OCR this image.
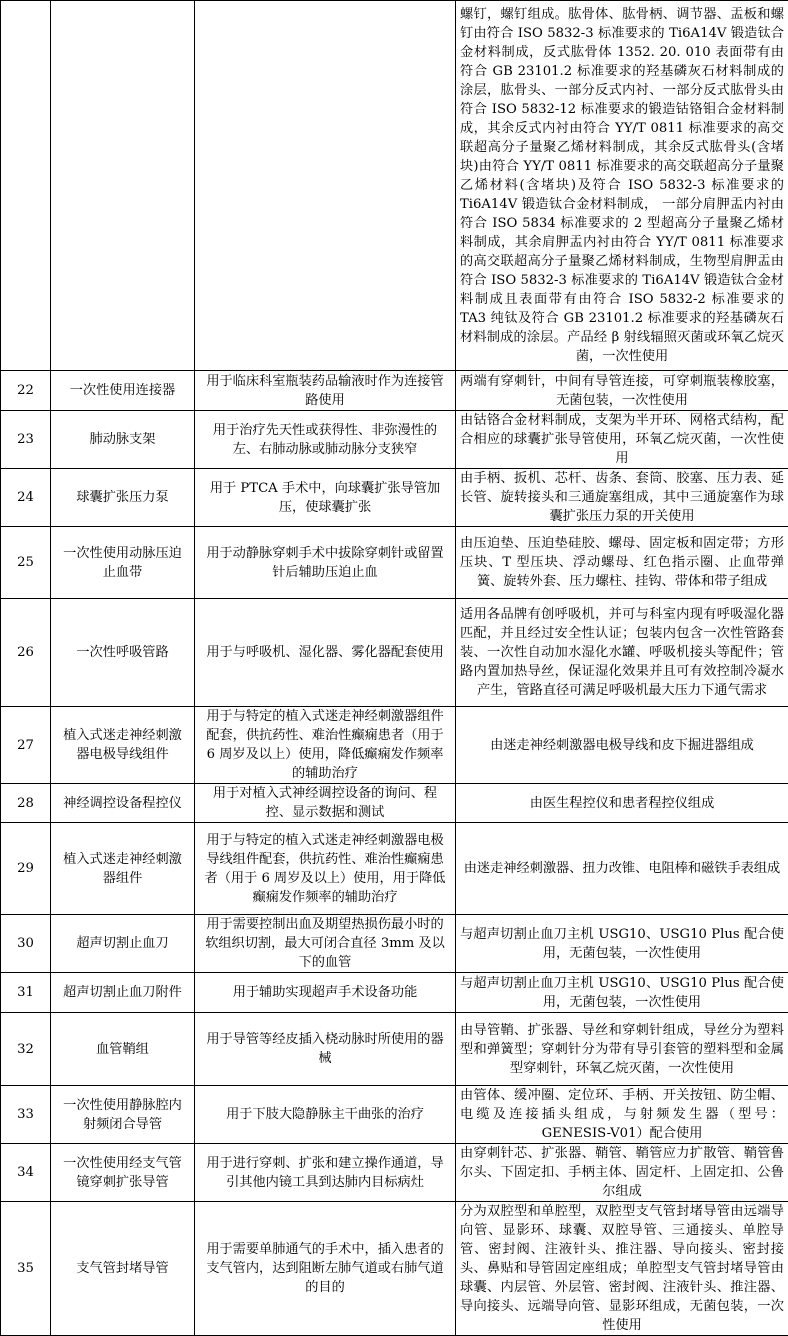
			螺钉，螺钉组成。肱骨体、肱骨柄、调节器、盂板和螺钉由符合 ISO 5832-3 标准要求的 Ti6A14V 锻造钛合金材料制成，反式肱骨体 1352. 20. 010 表面带有由符合 GB 23101.2 标准要求的羟基磷灰石材料制成的涂层，肱骨头、一部分反式内衬、一部分反式肱骨头由符合 ISO 5832-12 标准要求的锻造钴铬钼合金材料制成，其余反式内衬由符合 YY/T 0811 标准要求的高交联超高分子量聚乙烯材料制成，其余反式肱骨头(含堵块)由符合 YY/T 0811 标准要求的高交联超高分子量聚乙烯材料(含堵块)及符合 ISO 5832-3 标准要求的 Ti6A14V 锻造钛合金材料制成， 一部分肩胛盂内衬由符合 ISO 5834 标准要求的 2 型超高分子量聚乙烯材料制成，其余肩胛盂内衬由符合 YY/T 0811 标准要求的高交联超高分子量聚乙烯材料制成，生物型肩胛盂由符合 ISO 5832-3 标准要求的 Ti6A14V 锻造钛合金材料制成且表面带有由符合 ISO 5832-2 标准要求的 TA3 纯钛及符合 GB 23101.2 标准要求的羟基磷灰石材料制成的涂层。产品经 β 射线辐照灭菌或环氧乙烷灭菌，一次性使用
22	一次性使用连接器	用于临床科室瓶装药品输液时作为连接管路使用	两端有穿刺针，中间有导管连接，可穿刺瓶装橡胶塞，无菌包装，一次性使用
23	肺动脉支架	用于治疗先天性或获得性、非弥漫性的左、右肺动脉或肺动脉分支狭窄	由钴铬合金材料制成，支架为半开环、网格式结构，配合相应的球囊扩张导管使用，环氧乙烷灭菌，一次性使用
24	球囊扩张压力泵	用于 PTCA 手术中，向球囊扩张导管加压，使球囊扩张	由手柄、扳机、芯杆、齿条、套筒、胶塞、压力表、延长管、旋转接头和三通旋塞组成，其中三通旋塞作为球囊扩张压力泵的开关使用
25	一次性使用动脉压迫止血带	用于动静脉穿刺手术中拔除穿刺针或留置针后辅助压迫止血	由压迫垫、压迫垫硅胶、螺母、固定板和固定带；方形压块、T 型压块、浮动螺母、红色指示圈、止血带弹簧、旋转外套、压力螺柱、挂钩、带体和带子组成
26	一次性呼吸管路	用于与呼吸机、湿化器、雾化器配套使用	适用各品牌有创呼吸机，并可与科室内现有呼吸湿化器匹配，并且经过安全性认证；包装内包含一次性管路套装、一次性自动加水湿化水罐、呼吸机接头等配件；管路内置加热导丝，保证湿化效果并且可有效控制冷凝水产生，管路直径可满足呼吸机最大压力下通气需求
27	植入式迷走神经刺激器电极导线组件	用于与特定的植入式迷走神经刺激器组件配套，供抗药性、难治性癫痫患者（用于 6 周岁及以上）使用，降低癫痫发作频率的辅助治疗	由迷走神经刺激器电极导线和皮下掘进器组成
28	神经调控设备程控仪	用于对植入式神经调控设备的询问、程控、显示数据和测试	由医生程控仪和患者程控仪组成
29	植入式迷走神经刺激器组件	用于与特定的植入式迷走神经刺激器电极导线组件配套，供抗药性、难治性癫痫患者（用于 6 周岁及以上）使用，用于降低癫痫发作频率的辅助治疗	由迷走神经刺激器、扭力改锥、电阻棒和磁铁手表组成
30	超声切割止血刀	用于需要控制出血及期望热损伤最小时的软组织切割，最大可闭合直径 3mm 及以下的血管	与超声切割止血刀主机 USG10、USG10 Plus 配合使用，无菌包装，一次性使用
31	超声切割止血刀附件	用于辅助实现超声手术设备功能	与超声切割止血刀主机 USG10、USG10 Plus 配合使用，无菌包装，一次性使用
32	血管鞘组	用于导管等经皮插入桡动脉时所使用的器械	由导管鞘、扩张器、导丝和穿刺针组成，导丝分为塑料型和弹簧型；穿刺针分为带有导引套管的塑料型和金属型穿刺针，环氧乙烷灭菌，一次性使用
33	一次性使用静脉腔内射频闭合导管	用于下肢大隐静脉主干曲张的治疗	由管体、缓冲圈、定位环、手柄、开关按钮、防尘帽、电缆及连接插头组成，与射频发生器（型号：GENESIS-V01）配合使用
34	一次性使用经支气管镜穿刺扩张导管	用于进行穿刺、扩张和建立操作通道，导引其他内镜工具到达肺内目标病灶	由穿刺针芯、扩张器、鞘管、鞘管应力扩散管、鞘管鲁尔头、下固定扣、手柄主体、固定杆、上固定扣、公鲁尔组成
35	支气管封堵导管	用于需要单肺通气的手术中，插入患者的支气管内，达到阻断左肺气道或右肺气道的目的	分为双腔型和单腔型，双腔型支气管封堵导管由远端导向管、显影环、球囊、双腔导管、三通接头、单腔导管、密封阀、注液针头、推注器、导向接头、密封接头、鼻贴和导管固定座组成；单腔型支气管封堵导管由球囊、内层管、外层管、密封阀、注液针头、推注器、导向接头、远端导向管、显影环组成，无菌包装，一次性使用
